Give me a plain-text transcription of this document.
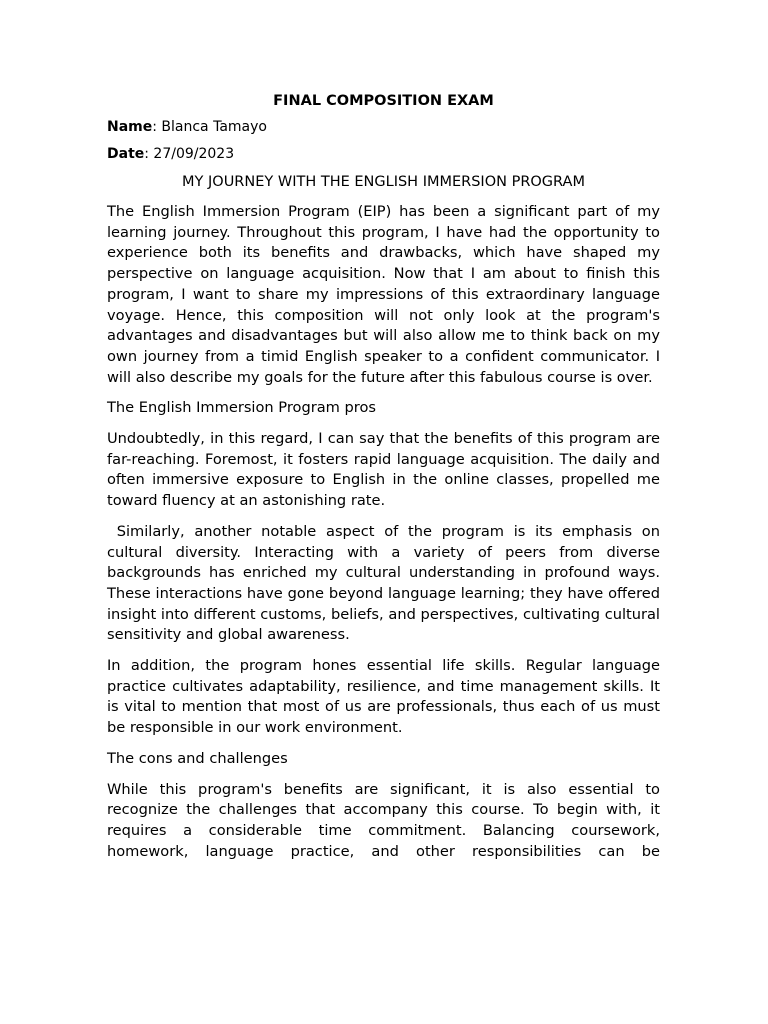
FINAL COMPOSITION EXAM
Name: Blanca Tamayo
Date: 27/09/2023
MY JOURNEY WITH THE ENGLISH IMMERSION PROGRAM

The English Immersion Program (EIP) has been a significant part of my learning journey. Throughout this program, I have had the opportunity to experience both its benefits and drawbacks, which have shaped my perspective on language acquisition. Now that I am about to finish this program, I want to share my impressions of this extraordinary language voyage. Hence, this composition will not only look at the program's advantages and disadvantages but will also allow me to think back on my own journey from a timid English speaker to a confident communicator. I will also describe my goals for the future after this fabulous course is over.

The English Immersion Program pros

Undoubtedly, in this regard, I can say that the benefits of this program are far-reaching. Foremost, it fosters rapid language acquisition. The daily and often immersive exposure to English in the online classes, propelled me toward fluency at an astonishing rate.

Similarly, another notable aspect of the program is its emphasis on cultural diversity. Interacting with a variety of peers from diverse backgrounds has enriched my cultural understanding in profound ways. These interactions have gone beyond language learning; they have offered insight into different customs, beliefs, and perspectives, cultivating cultural sensitivity and global awareness.

In addition, the program hones essential life skills. Regular language practice cultivates adaptability, resilience, and time management skills. It is vital to mention that most of us are professionals, thus each of us must be responsible in our work environment.

The cons and challenges

While this program's benefits are significant, it is also essential to recognize the challenges that accompany this course. To begin with, it requires a considerable time commitment. Balancing coursework, homework, language practice, and other responsibilities can be
